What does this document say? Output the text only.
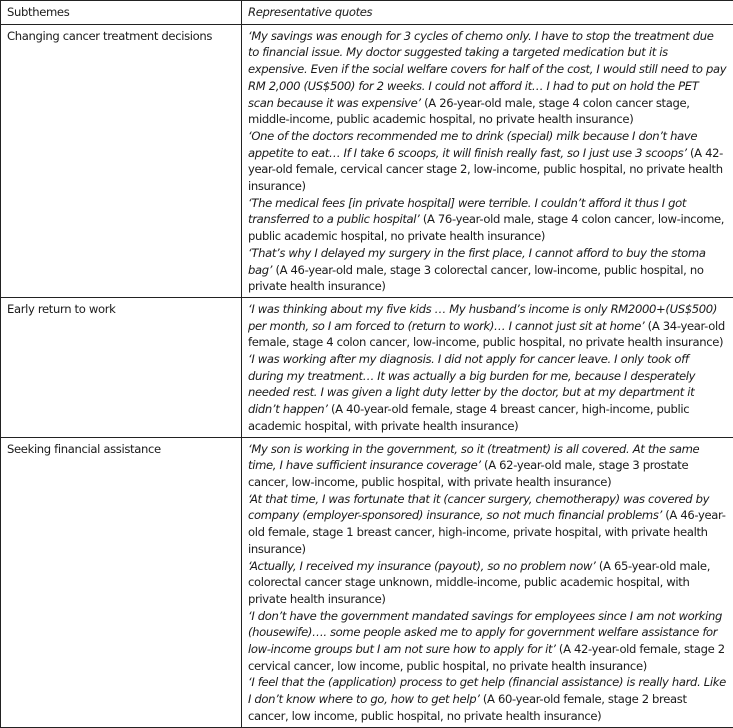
Subthemes	Representative quotes
Changing cancer treatment decisions	‘My savings was enough for 3 cycles of chemo only. I have to stop the treatment due to financial issue. My doctor suggested taking a targeted medication but it is expensive. Even if the social welfare covers for half of the cost, I would still need to pay RM 2,000 (US$500) for 2 weeks. I could not afford it… I had to put on hold the PET scan because it was expensive’ (A 26-year-old male, stage 4 colon cancer stage, middle-income, public academic hospital, no private health insurance)
‘One of the doctors recommended me to drink (special) milk because I don’t have appetite to eat… If I take 6 scoops, it will finish really fast, so I just use 3 scoops’ (A 42-year-old female, cervical cancer stage 2, low-income, public hospital, no private health insurance)
‘The medical fees [in private hospital] were terrible. I couldn’t afford it thus I got transferred to a public hospital’ (A 76-year-old male, stage 4 colon cancer, low-income, public academic hospital, no private health insurance)
‘That’s why I delayed my surgery in the first place, I cannot afford to buy the stoma bag’ (A 46-year-old male, stage 3 colorectal cancer, low-income, public hospital, no private health insurance)

Early return to work	‘I was thinking about my five kids … My husband’s income is only RM2000+(US$500) per month, so I am forced to (return to work)… I cannot just sit at home’ (A 34-year-old female, stage 4 colon cancer, low-income, public hospital, no private health insurance)
‘I was working after my diagnosis. I did not apply for cancer leave. I only took off during my treatment… It was actually a big burden for me, because I desperately needed rest. I was given a light duty letter by the doctor, but at my department it didn’t happen’ (A 40-year-old female, stage 4 breast cancer, high-income, public academic hospital, with private health insurance)

Seeking financial assistance	‘My son is working in the government, so it (treatment) is all covered. At the same time, I have sufficient insurance coverage’ (A 62-year-old male, stage 3 prostate cancer, low-income, public hospital, with private health insurance)
‘At that time, I was fortunate that it (cancer surgery, chemotherapy) was covered by company (employer-sponsored) insurance, so not much financial problems’ (A 46-year-old female, stage 1 breast cancer, high-income, private hospital, with private health insurance)
‘Actually, I received my insurance (payout), so no problem now’ (A 65-year-old male, colorectal cancer stage unknown, middle-income, public academic hospital, with private health insurance)
‘I don’t have the government mandated savings for employees since I am not working (housewife)…. some people asked me to apply for government welfare assistance for low-income groups but I am not sure how to apply for it’ (A 42-year-old female, stage 2 cervical cancer, low income, public hospital, no private health insurance)
‘I feel that the (application) process to get help (financial assistance) is really hard. Like I don’t know where to go, how to get help’ (A 60-year-old female, stage 2 breast cancer, low income, public hospital, no private health insurance)
